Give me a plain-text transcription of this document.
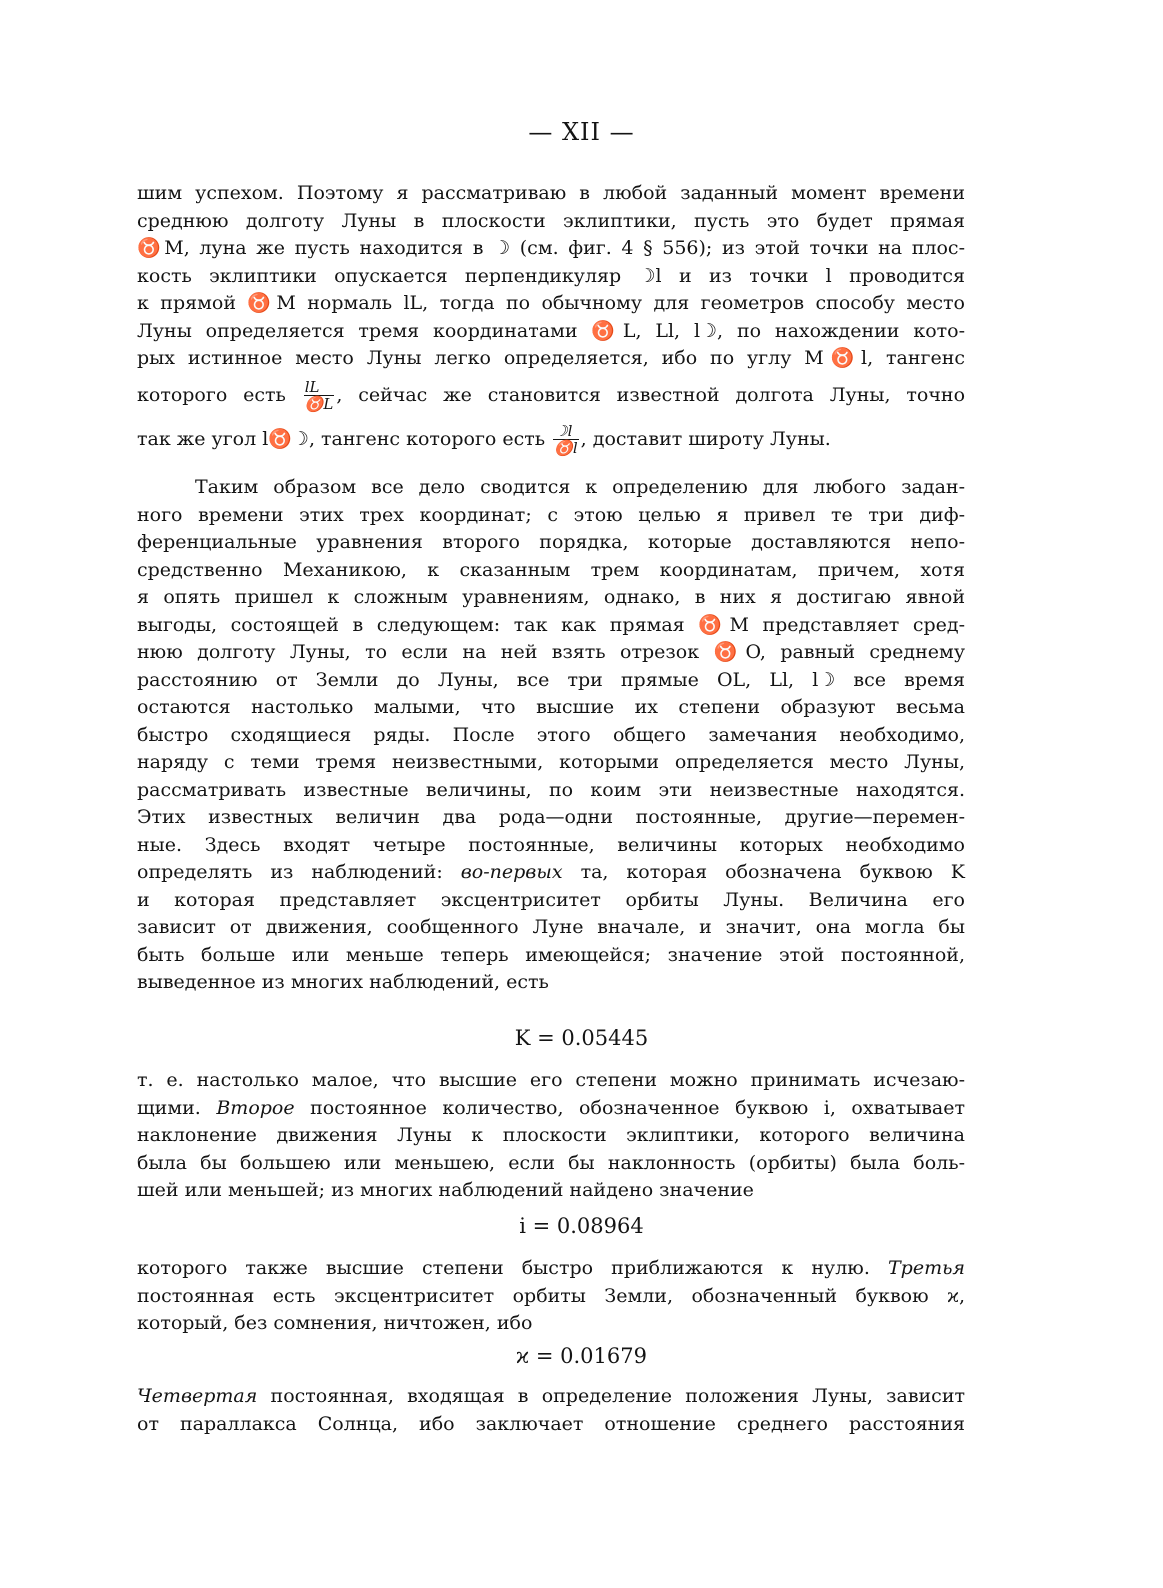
— XII —
шим успехом. Поэтому я рассматриваю в любой заданный момент времени
среднюю долготу Луны в плоскости эклиптики, пусть это будет прямая
♉M, луна же пусть находится в ☽ (см. фиг. 4 § 556); из этой точки на плос-
кость эклиптики опускается перпендикуляр ☽l и из точки l проводится
к прямой ♉M нормаль lL, тогда по обычному для геометров способу место
Луны определяется тремя координатами ♉L, Ll, l☽, по нахождении кото-
рых истинное место Луны легко определяется, ибо по углу M♉l, тангенс
которого есть $\frac{lL}{♉L}$ , сейчас же становится известной долгота Луны, точно
так же угол l♉☽, тангенс которого есть $\frac{☽l}{♉l}$ , доставит широту Луны.
Таким образом все дело сводится к определению для любого задан-
ного времени этих трех координат; с этою целью я привел те три диф-
ференциальные уравнения второго порядка, которые доставляются непо-
средственно Механикою, к сказанным трем координатам, причем, хотя
я опять пришел к сложным уравнениям, однако, в них я достигаю явной
выгоды, состоящей в следующем: так как прямая ♉M представляет сред-
нюю долготу Луны, то если на ней взять отрезок ♉O, равный среднему
расстоянию от Земли до Луны, все три прямые OL, Ll, l☽ все время
остаются настолько малыми, что высшие их степени образуют весьма
быстро сходящиеся ряды. После этого общего замечания необходимо,
наряду с теми тремя неизвестными, которыми определяется место Луны,
рассматривать известные величины, по коим эти неизвестные находятся.
Этих известных величин два рода—одни постоянные, другие—перемен-
ные. Здесь входят четыре постоянные, величины которых необходимо
определять из наблюдений: во-первых та, которая обозначена буквою K
и которая представляет эксцентриситет орбиты Луны. Величина его
зависит от движения, сообщенного Луне вначале, и значит, она могла бы
быть больше или меньше теперь имеющейся; значение этой постоянной,
выведенное из многих наблюдений, есть
K = 0.05445
т. е. настолько малое, что высшие его степени можно принимать исчезаю-
щими. Второе постоянное количество, обозначенное буквою i, охватывает
наклонение движения Луны к плоскости эклиптики, которого величина
была бы большею или меньшею, если бы наклонность (орбиты) была боль-
шей или меньшей; из многих наблюдений найдено значение
i = 0.08964
которого также высшие степени быстро приближаются к нулю. Третья
постоянная есть эксцентриситет орбиты Земли, обозначенный буквою ϰ,
который, без сомнения, ничтожен, ибо
ϰ = 0.01679
Четвертая постоянная, входящая в определение положения Луны, зависит
от параллакса Солнца, ибо заключает отношение среднего расстояния
